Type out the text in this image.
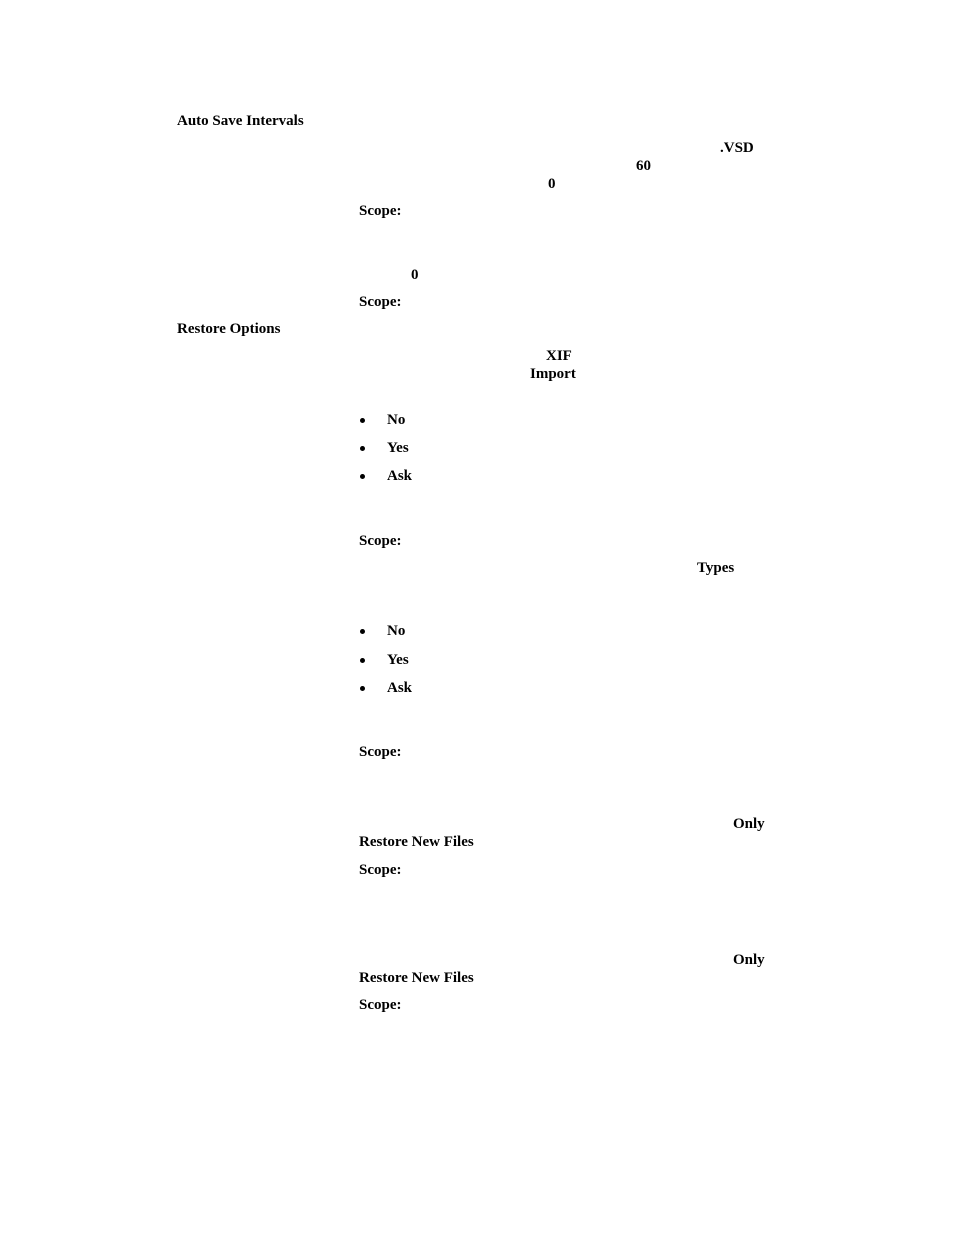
Auto Save Intervals
.VSD
60
0
Scope:
0
Scope:
Restore Options
XIF
Import
No
Yes
Ask
Scope:
Types
No
Yes
Ask
Scope:
Only
Restore New Files
Scope:
Only
Restore New Files
Scope:
